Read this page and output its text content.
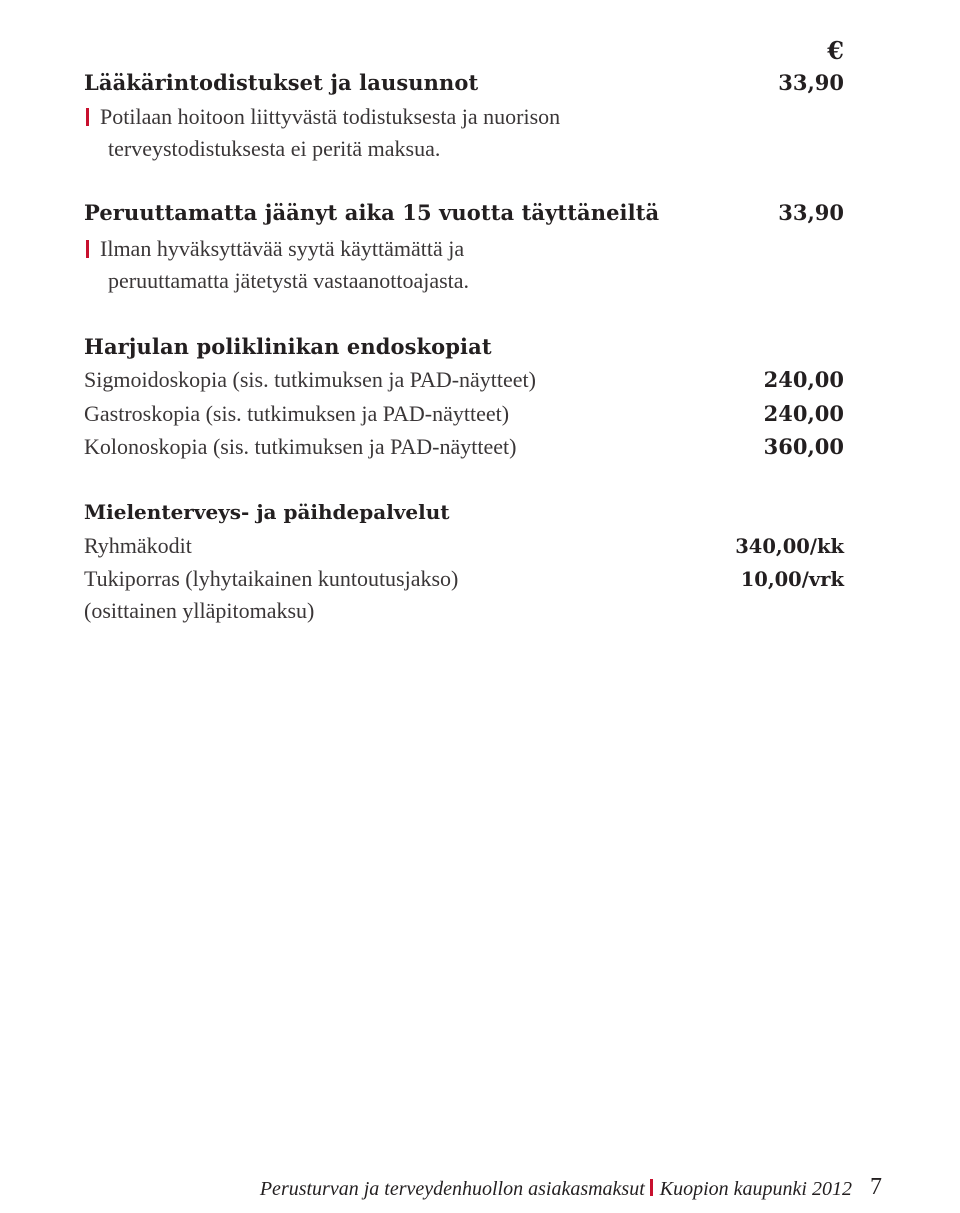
€
Lääkärintodistukset ja lausunnot	33,90
Potilaan hoitoon liittyvästä todistuksesta ja nuorison
terveystodistuksesta ei peritä maksua.
Peruuttamatta jäänyt aika 15 vuotta täyttäneiltä	33,90
Ilman hyväksyttävää syytä käyttämättä ja
peruuttamatta jätetystä vastaanottoajasta.
Harjulan poliklinikan endoskopiat
Sigmoidoskopia (sis. tutkimuksen ja PAD-näytteet)	240,00
Gastroskopia (sis. tutkimuksen ja PAD-näytteet)	240,00
Kolonoskopia (sis. tutkimuksen ja PAD-näytteet)	360,00
Mielenterveys- ja päihdepalvelut
Ryhmäkodit	340,00/kk
Tukiporras (lyhytaikainen kuntoutusjakso)	10,00/vrk
(osittainen ylläpitomaksu)
Perusturvan ja terveydenhuollon asiakasmaksut Kuopion kaupunki 2012 7
